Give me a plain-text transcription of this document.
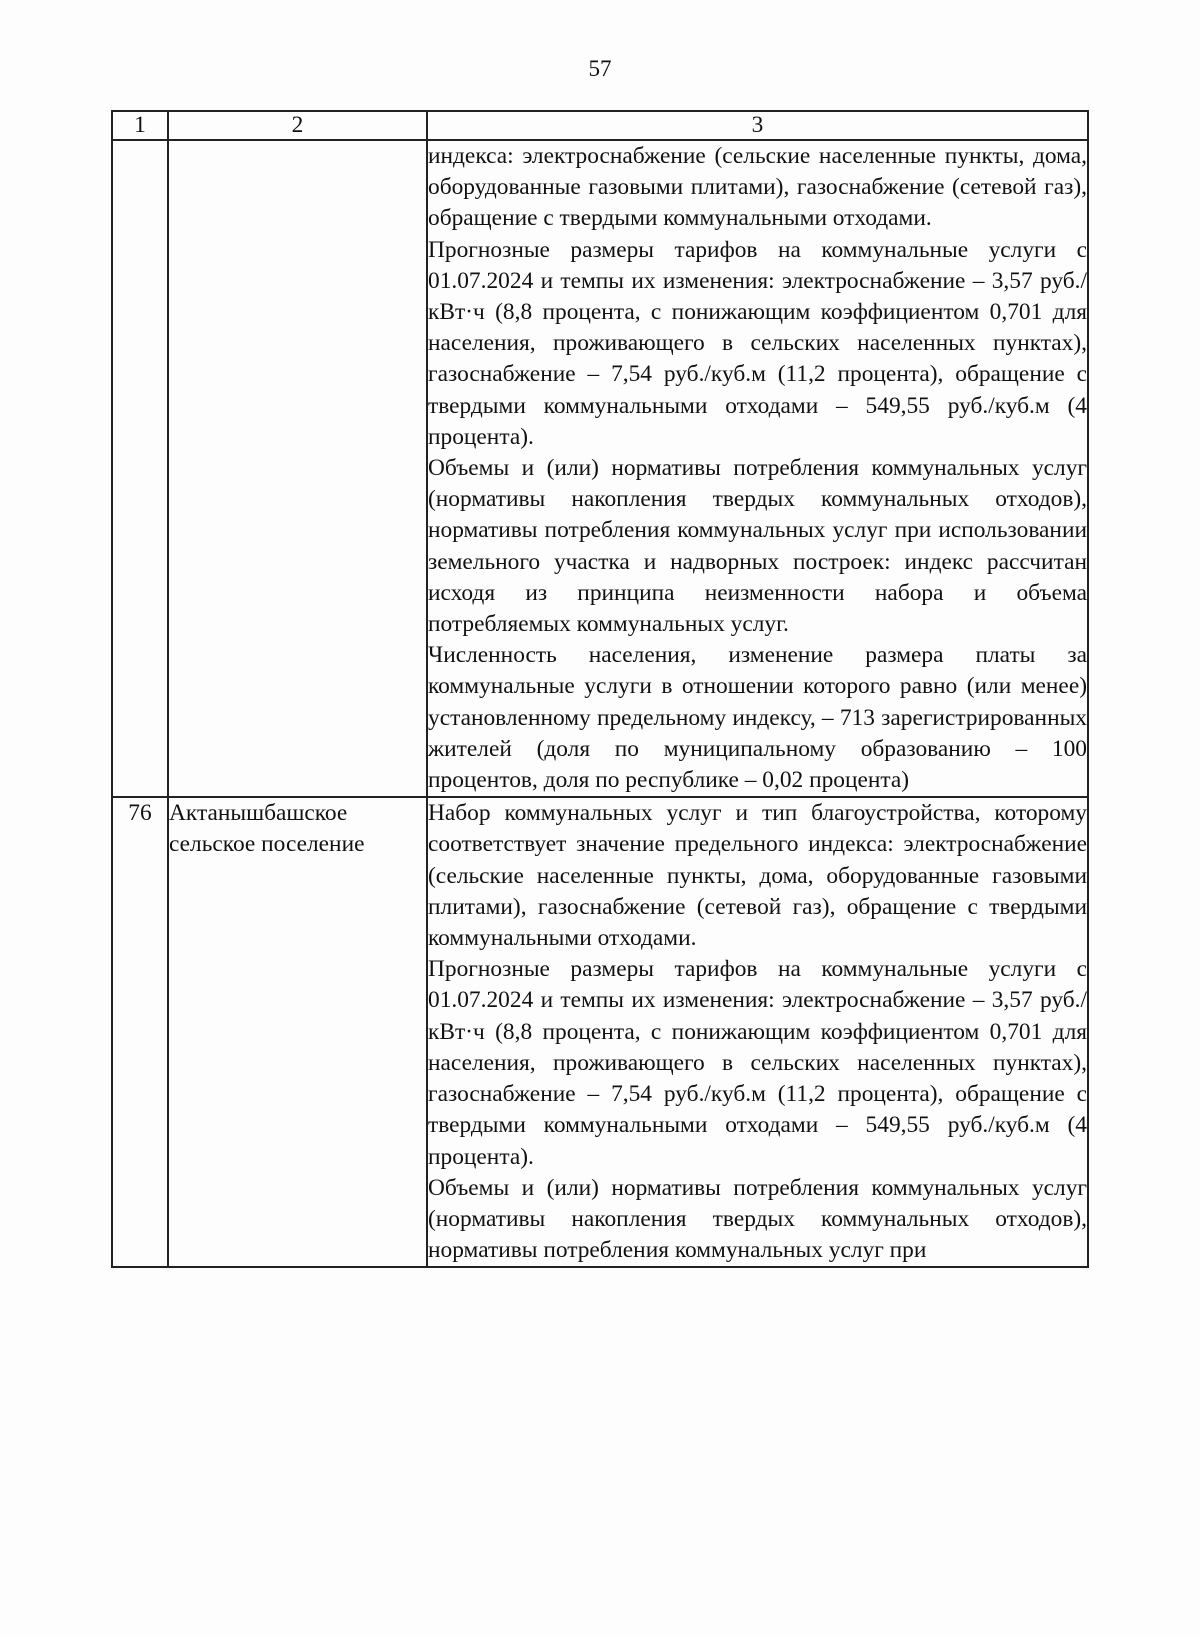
57
1	2	3

		индекса: электроснабжение (сельские населенные пункты, дома, оборудованные газовыми плитами), газоснабжение (сетевой газ), обращение с твердыми коммунальными отходами.

Прогнозные размеры тарифов на коммунальные услуги с 01.07.2024 и темпы их изменения: электроснабжение – 3,57 руб./кВт·ч (8,8 процента, с понижающим коэффициентом 0,701 для населения, проживающего в сельских населенных пунктах), газоснабжение – 7,54 руб./куб.м (11,2 процента), обращение с твердыми коммунальными отходами – 549,55 руб./куб.м (4 процента).

Объемы и (или) нормативы потребления коммунальных услуг (нормативы накопления твердых коммунальных отходов), нормативы потребления коммунальных услуг при использовании земельного участка и надворных построек: индекс рассчитан исходя из принципа неизменности набора и объема потребляемых коммунальных услуг.

Численность населения, изменение размера платы за коммунальные услуги в отношении которого равно (или менее) установленному предельному индексу, – 713 зарегистрированных жителей (доля по муниципальному образованию – 100 процентов, доля по республике – 0,02 процента)

76	Актанышбашское сельское поселение	Набор коммунальных услуг и тип благоустройства, которому соответствует значение предельного индекса: электроснабжение (сельские населенные пункты, дома, оборудованные газовыми плитами), газоснабжение (сетевой газ), обращение с твердыми коммунальными отходами.

Прогнозные размеры тарифов на коммунальные услуги с 01.07.2024 и темпы их изменения: электроснабжение – 3,57 руб./кВт·ч (8,8 процента, с понижающим коэффициентом 0,701 для населения, проживающего в сельских населенных пунктах), газоснабжение – 7,54 руб./куб.м (11,2 процента), обращение с твердыми коммунальными отходами – 549,55 руб./куб.м (4 процента).

Объемы и (или) нормативы потребления коммунальных услуг (нормативы накопления твердых коммунальных отходов), нормативы потребления коммунальных услуг при
